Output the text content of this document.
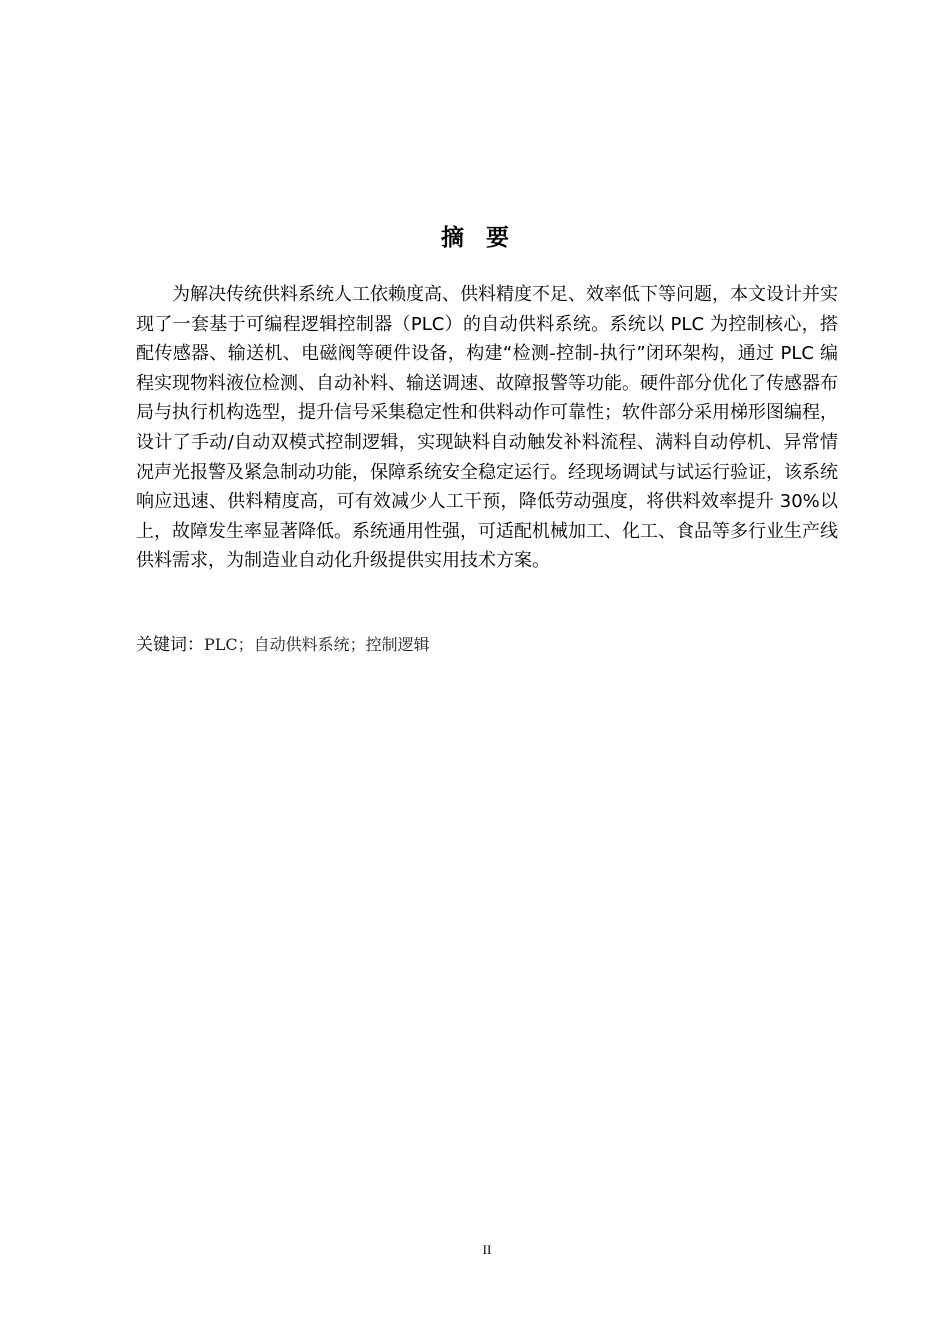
摘要
为解决传统供料系统人工依赖度高、供料精度不足、效率低下等问题，本文设计并实现了一套基于可编程逻辑控制器（PLC）的自动供料系统。系统以 PLC 为控制核心，搭配传感器、输送机、电磁阀等硬件设备，构建“检测-控制-执行”闭环架构，通过 PLC 编程实现物料液位检测、自动补料、输送调速、故障报警等功能。硬件部分优化了传感器布局与执行机构选型，提升信号采集稳定性和供料动作可靠性；软件部分采用梯形图编程，设计了手动/自动双模式控制逻辑，实现缺料自动触发补料流程、满料自动停机、异常情况声光报警及紧急制动功能，保障系统安全稳定运行。经现场调试与试运行验证，该系统响应迅速、供料精度高，可有效减少人工干预，降低劳动强度，将供料效率提升 30%以上，故障发生率显著降低。系统通用性强，可适配机械加工、化工、食品等多行业生产线供料需求，为制造业自动化升级提供实用技术方案。
关键词：PLC；自动供料系统；控制逻辑
II
